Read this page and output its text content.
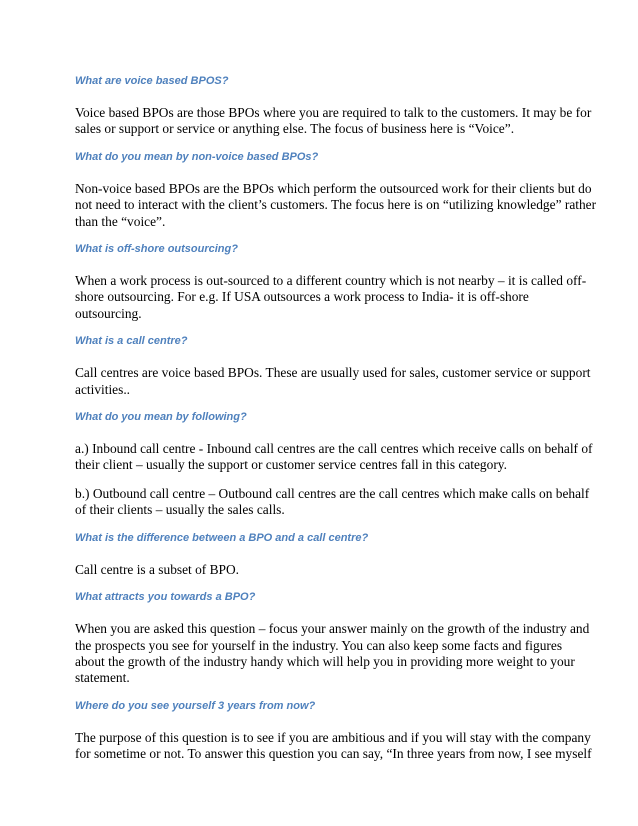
What are voice based BPOS?

Voice based BPOs are those BPOs where you are required to talk to the customers. It may be for
sales or support or service or anything else. The focus of business here is “Voice”.

What do you mean by non-voice based BPOs?

Non-voice based BPOs are the BPOs which perform the outsourced work for their clients but do
not need to interact with the client’s customers. The focus here is on “utilizing knowledge” rather
than the “voice”.

What is off-shore outsourcing?

When a work process is out-sourced to a different country which is not nearby – it is called off-
shore outsourcing. For e.g. If USA outsources a work process to India- it is off-shore
outsourcing.

What is a call centre?

Call centres are voice based BPOs. These are usually used for sales, customer service or support
activities..

What do you mean by following?

a.) Inbound call centre - Inbound call centres are the call centres which receive calls on behalf of
their client – usually the support or customer service centres fall in this category.

b.) Outbound call centre – Outbound call centres are the call centres which make calls on behalf
of their clients – usually the sales calls.

What is the difference between a BPO and a call centre?

Call centre is a subset of BPO.

What attracts you towards a BPO?

When you are asked this question – focus your answer mainly on the growth of the industry and
the prospects you see for yourself in the industry. You can also keep some facts and figures
about the growth of the industry handy which will help you in providing more weight to your
statement.

Where do you see yourself 3 years from now?

The purpose of this question is to see if you are ambitious and if you will stay with the company
for sometime or not. To answer this question you can say, “In three years from now, I see myself
